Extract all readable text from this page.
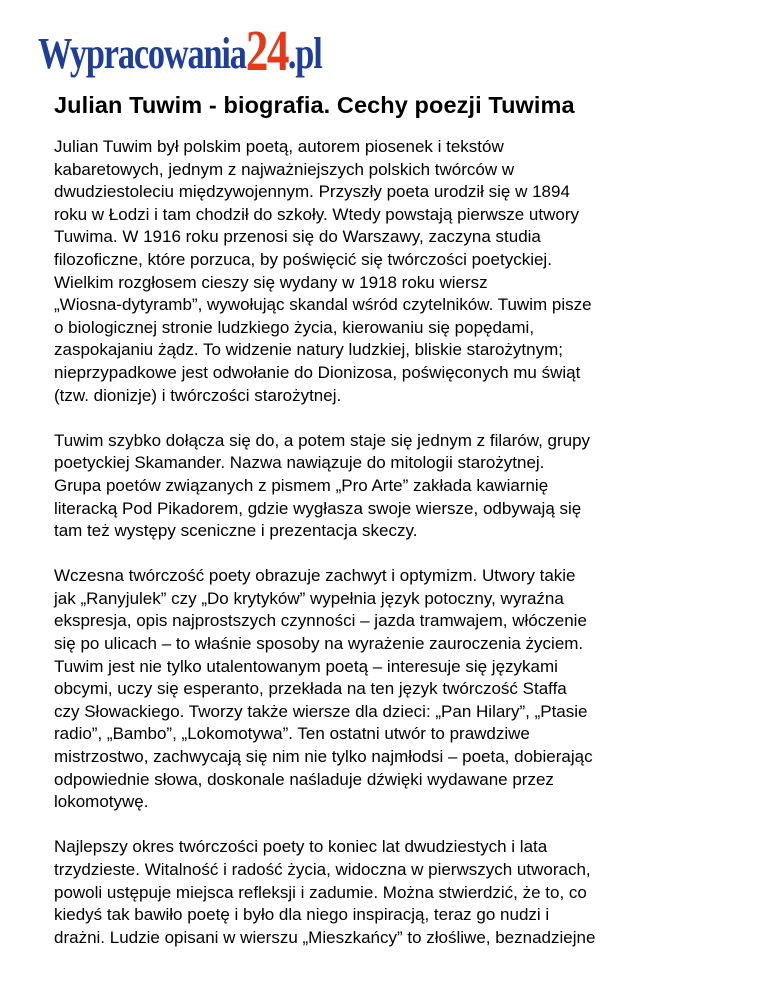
Wypracowania 24 .pl
Julian Tuwim - biografia. Cechy poezji Tuwima

Julian Tuwim był polskim poetą, autorem piosenek i tekstów
kabaretowych, jednym z najważniejszych polskich twórców w
dwudziestoleciu międzywojennym. Przyszły poeta urodził się w 1894
roku w Łodzi i tam chodził do szkoły. Wtedy powstają pierwsze utwory
Tuwima. W 1916 roku przenosi się do Warszawy, zaczyna studia
filozoficzne, które porzuca, by poświęcić się twórczości poetyckiej.
Wielkim rozgłosem cieszy się wydany w 1918 roku wiersz
„Wiosna-dytyramb”, wywołując skandal wśród czytelników. Tuwim pisze
o biologicznej stronie ludzkiego życia, kierowaniu się popędami,
zaspokajaniu żądz. To widzenie natury ludzkiej, bliskie starożytnym;
nieprzypadkowe jest odwołanie do Dionizosa, poświęconych mu świąt
(tzw. dionizje) i twórczości starożytnej.

Tuwim szybko dołącza się do, a potem staje się jednym z filarów, grupy
poetyckiej Skamander. Nazwa nawiązuje do mitologii starożytnej.
Grupa poetów związanych z pismem „Pro Arte” zakłada kawiarnię
literacką Pod Pikadorem, gdzie wygłasza swoje wiersze, odbywają się
tam też występy sceniczne i prezentacja skeczy.

Wczesna twórczość poety obrazuje zachwyt i optymizm. Utwory takie
jak „Ranyjulek” czy „Do krytyków” wypełnia język potoczny, wyraźna
ekspresja, opis najprostszych czynności – jazda tramwajem, włóczenie
się po ulicach – to właśnie sposoby na wyrażenie zauroczenia życiem.
Tuwim jest nie tylko utalentowanym poetą – interesuje się językami
obcymi, uczy się esperanto, przekłada na ten język twórczość Staffa
czy Słowackiego. Tworzy także wiersze dla dzieci: „Pan Hilary”, „Ptasie
radio”, „Bambo”, „Lokomotywa”. Ten ostatni utwór to prawdziwe
mistrzostwo, zachwycają się nim nie tylko najmłodsi – poeta, dobierając
odpowiednie słowa, doskonale naśladuje dźwięki wydawane przez
lokomotywę.

Najlepszy okres twórczości poety to koniec lat dwudziestych i lata
trzydzieste. Witalność i radość życia, widoczna w pierwszych utworach,
powoli ustępuje miejsca refleksji i zadumie. Można stwierdzić, że to, co
kiedyś tak bawiło poetę i było dla niego inspiracją, teraz go nudzi i
drażni. Ludzie opisani w wierszu „Mieszkańcy” to złośliwe, beznadziejne
